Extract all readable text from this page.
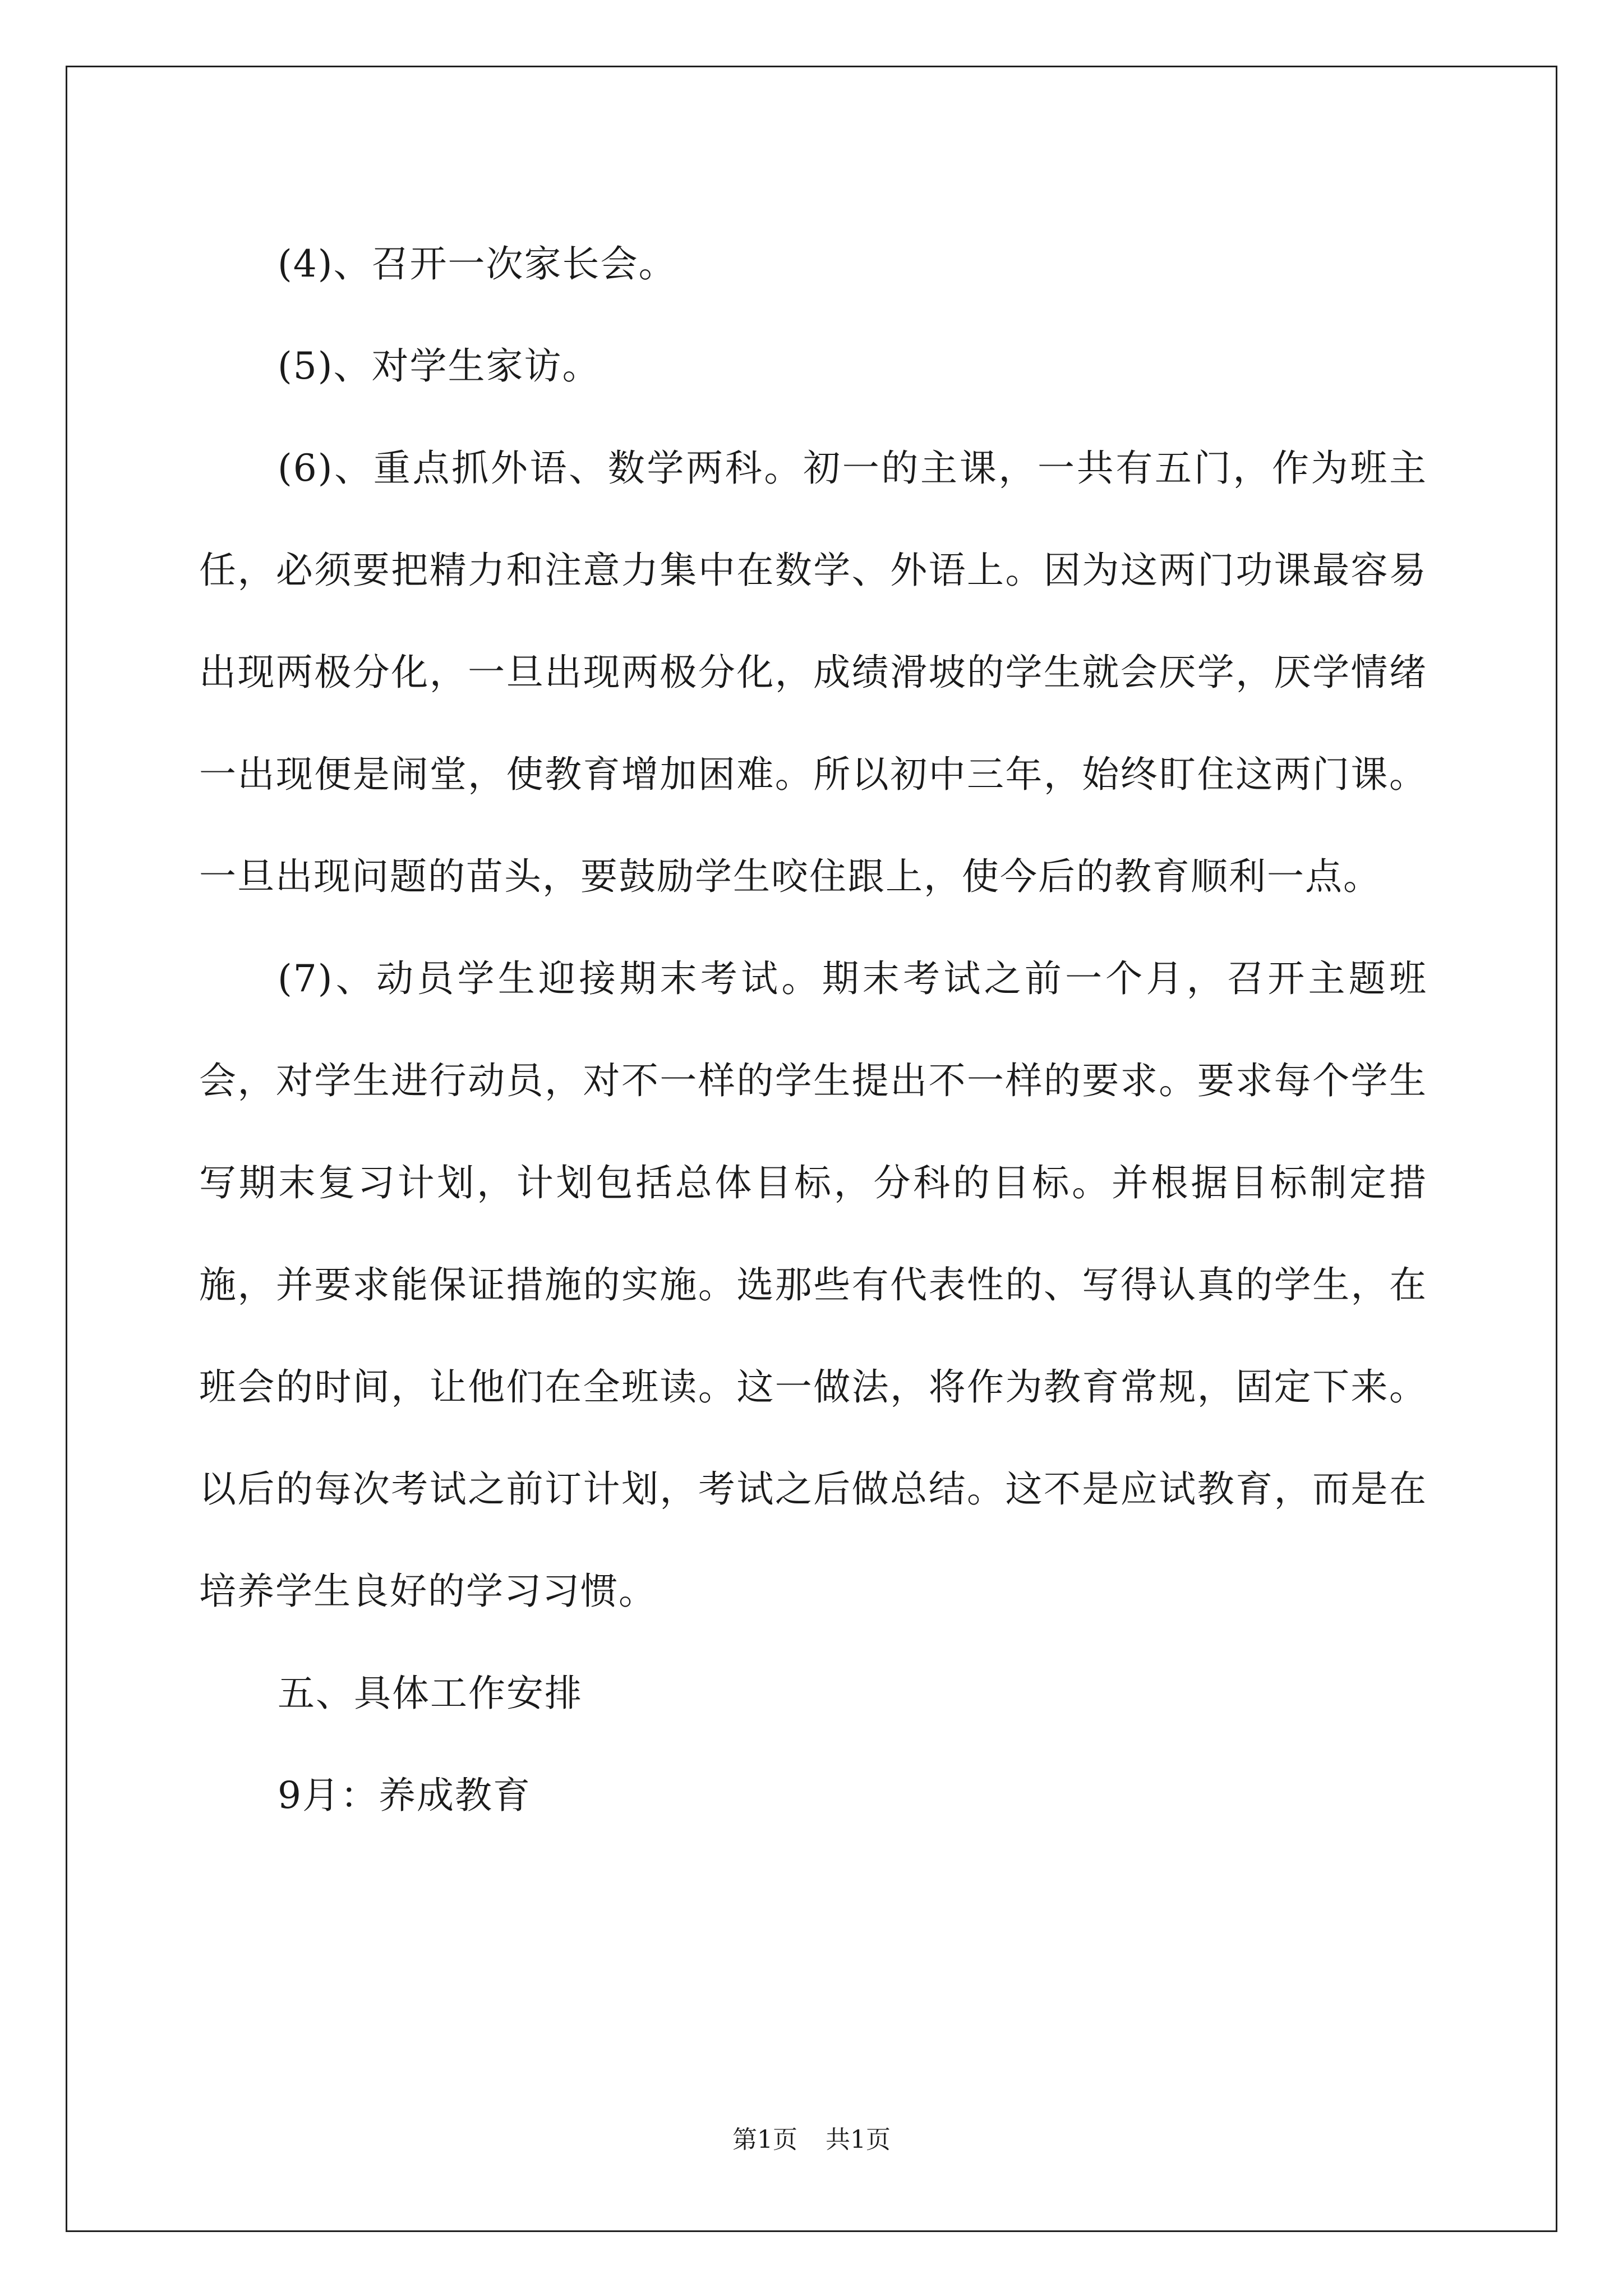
(4)、召开一次家长会。

(5)、对学生家访。

(6)、重点抓外语、数学两科。初一的主课，一共有五门，作为班主任，必须要把精力和注意力集中在数学、外语上。因为这两门功课最容易出现两极分化，一旦出现两极分化，成绩滑坡的学生就会厌学，厌学情绪一出现便是闹堂，使教育增加困难。所以初中三年，始终盯住这两门课。一旦出现问题的苗头，要鼓励学生咬住跟上，使今后的教育顺利一点。

(7)、动员学生迎接期末考试。期末考试之前一个月，召开主题班会，对学生进行动员，对不一样的学生提出不一样的要求。要求每个学生写期末复习计划，计划包括总体目标，分科的目标。并根据目标制定措施，并要求能保证措施的实施。选那些有代表性的、写得认真的学生，在班会的时间，让他们在全班读。这一做法，将作为教育常规，固定下来。以后的每次考试之前订计划，考试之后做总结。这不是应试教育，而是在培养学生良好的学习习惯。

五、具体工作安排

9月：养成教育

第1页 共1页
